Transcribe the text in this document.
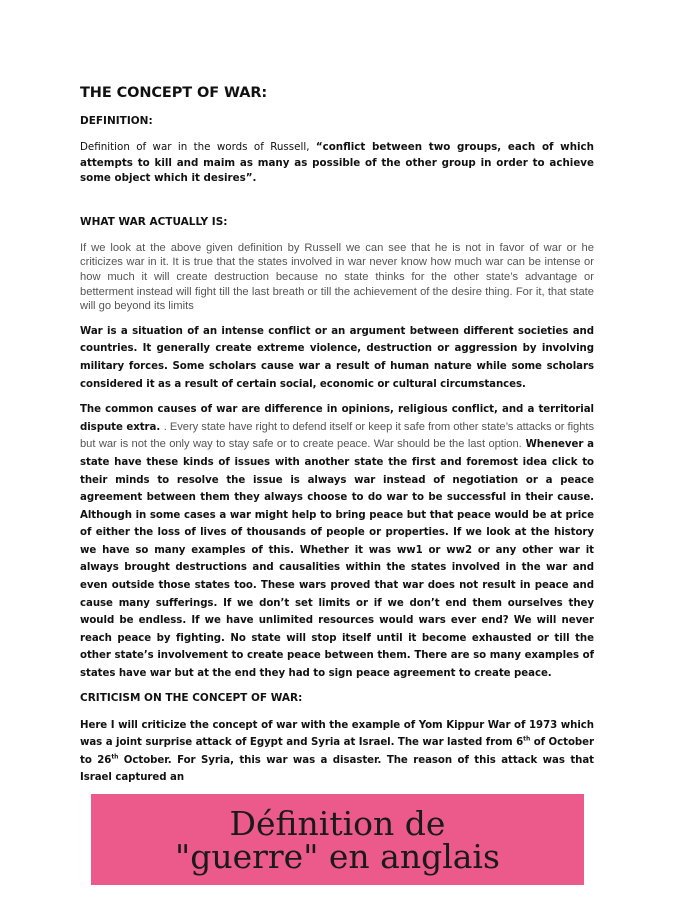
THE CONCEPT OF WAR:
DEFINITION:

Definition of war in the words of Russell, “conflict between two groups, each of which attempts to kill and maim as many as possible of the other group in order to achieve some object which it desires”.

WHAT WAR ACTUALLY IS:

If we look at the above given definition by Russell we can see that he is not in favor of war or he criticizes war in it. It is true that the states involved in war never know how much war can be intense or how much it will create destruction because no state thinks for the other state’s advantage or betterment instead will fight till the last breath or till the achievement of the desire thing. For it, that state will go beyond its limits

War is a situation of an intense conflict or an argument between different societies and countries. It generally create extreme violence, destruction or aggression by involving military forces. Some scholars cause war a result of human nature while some scholars considered it as a result of certain social, economic or cultural circumstances.

The common causes of war are difference in opinions, religious conflict, and a territorial dispute extra. . Every state have right to defend itself or keep it safe from other state’s attacks or fights but war is not the only way to stay safe or to create peace. War should be the last option. Whenever a state have these kinds of issues with another state the first and foremost idea click to their minds to resolve the issue is always war instead of negotiation or a peace agreement between them they always choose to do war to be successful in their cause. Although in some cases a war might help to bring peace but that peace would be at price of either the loss of lives of thousands of people or properties. If we look at the history we have so many examples of this. Whether it was ww1 or ww2 or any other war it always brought destructions and causalities within the states involved in the war and even outside those states too. These wars proved that war does not result in peace and cause many sufferings. If we don’t set limits or if we don’t end them ourselves they would be endless. If we have unlimited resources would wars ever end? We will never reach peace by fighting. No state will stop itself until it become exhausted or till the other state’s involvement to create peace between them. There are so many examples of states have war but at the end they had to sign peace agreement to create peace.

CRITICISM ON THE CONCEPT OF WAR:

Here I will criticize the concept of war with the example of Yom Kippur War of 1973 which was a joint surprise attack of Egypt and Syria at Israel. The war lasted from 6th of October to 26th October. For Syria, this war was a disaster. The reason of this attack was that Israel captured an

Définition de
"guerre" en anglais
